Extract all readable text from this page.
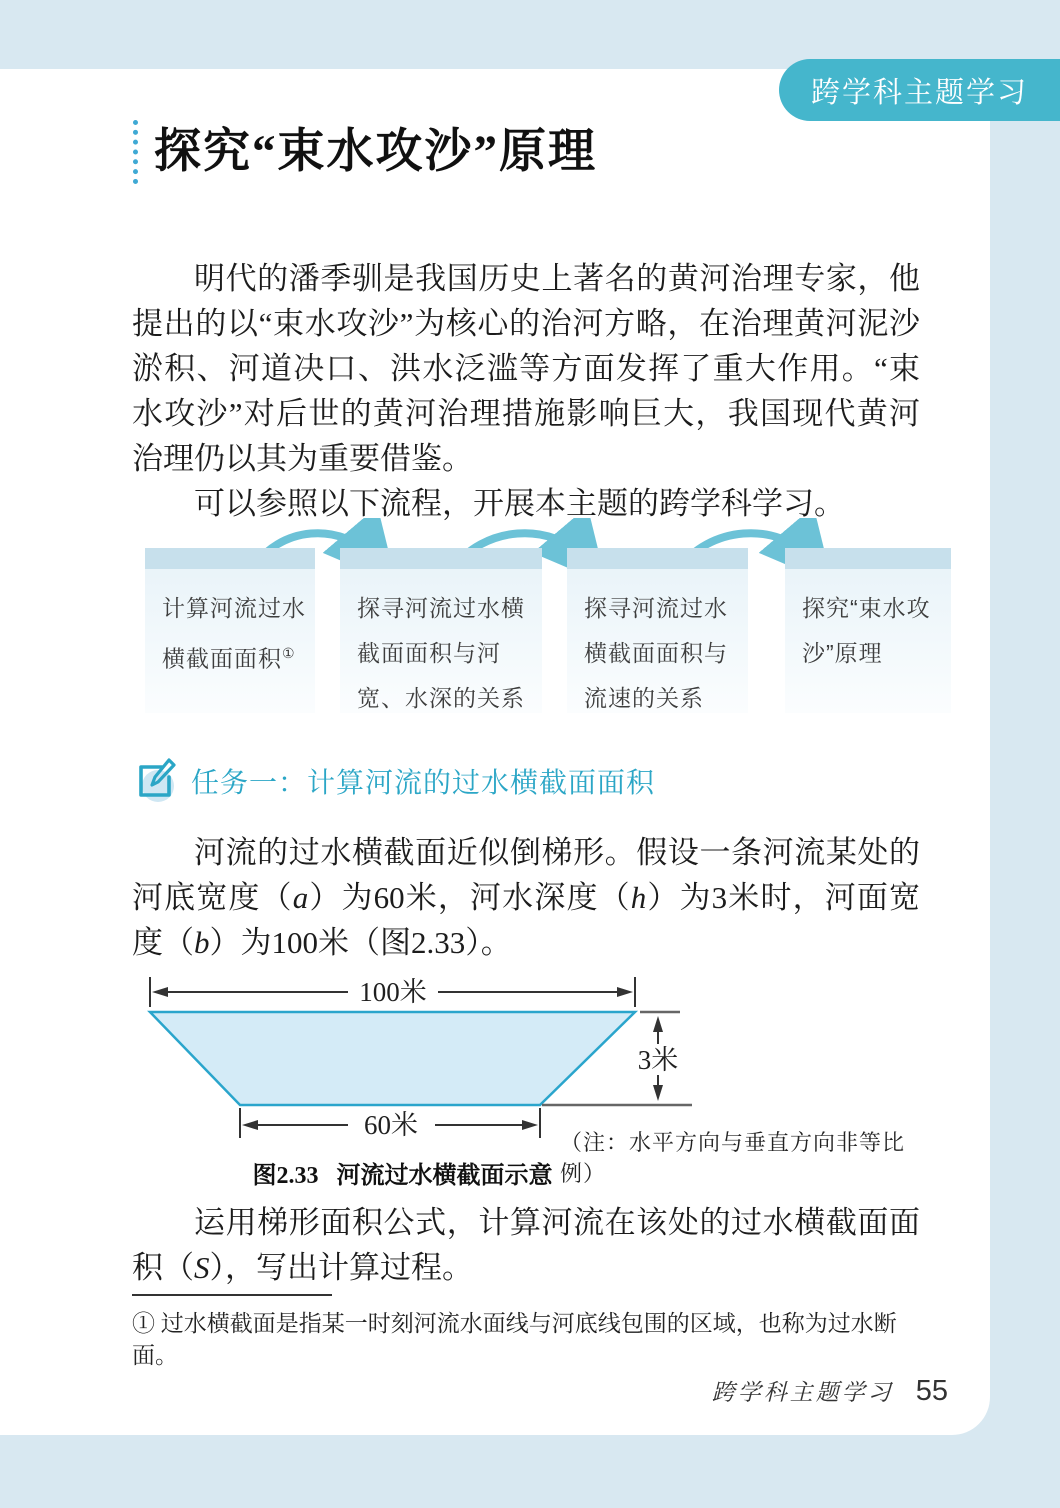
跨学科主题学习
探究“束水攻沙”原理

明代的潘季驯是我国历史上著名的黄河治理专家，他提出的以“束水攻沙”为核心的治河方略，在治理黄河泥沙淤积、河道决口、洪水泛滥等方面发挥了重大作用。“束水攻沙”对后世的黄河治理措施影响巨大，我国现代黄河治理仍以其为重要借鉴。

可以参照以下流程，开展本主题的跨学科学习。

计算河流过水横截面面积①
探寻河流过水横截面面积与河宽、水深的关系
探寻河流过水横截面面积与流速的关系
探究“束水攻沙”原理
任务一：计算河流的过水横截面面积

河流的过水横截面近似倒梯形。假设一条河流某处的河底宽度（a）为60米，河水深度（h）为3米时，河面宽度（b）为100米（图2.33）。

100米
3米
60米
（注：水平方向与垂直方向非等比例）
图2.33 河流过水横截面示意

运用梯形面积公式，计算河流在该处的过水横截面面积（S），写出计算过程。

① 过水横截面是指某一时刻河流水面线与河底线包围的区域，也称为过水断面。

跨学科主题学习 55
